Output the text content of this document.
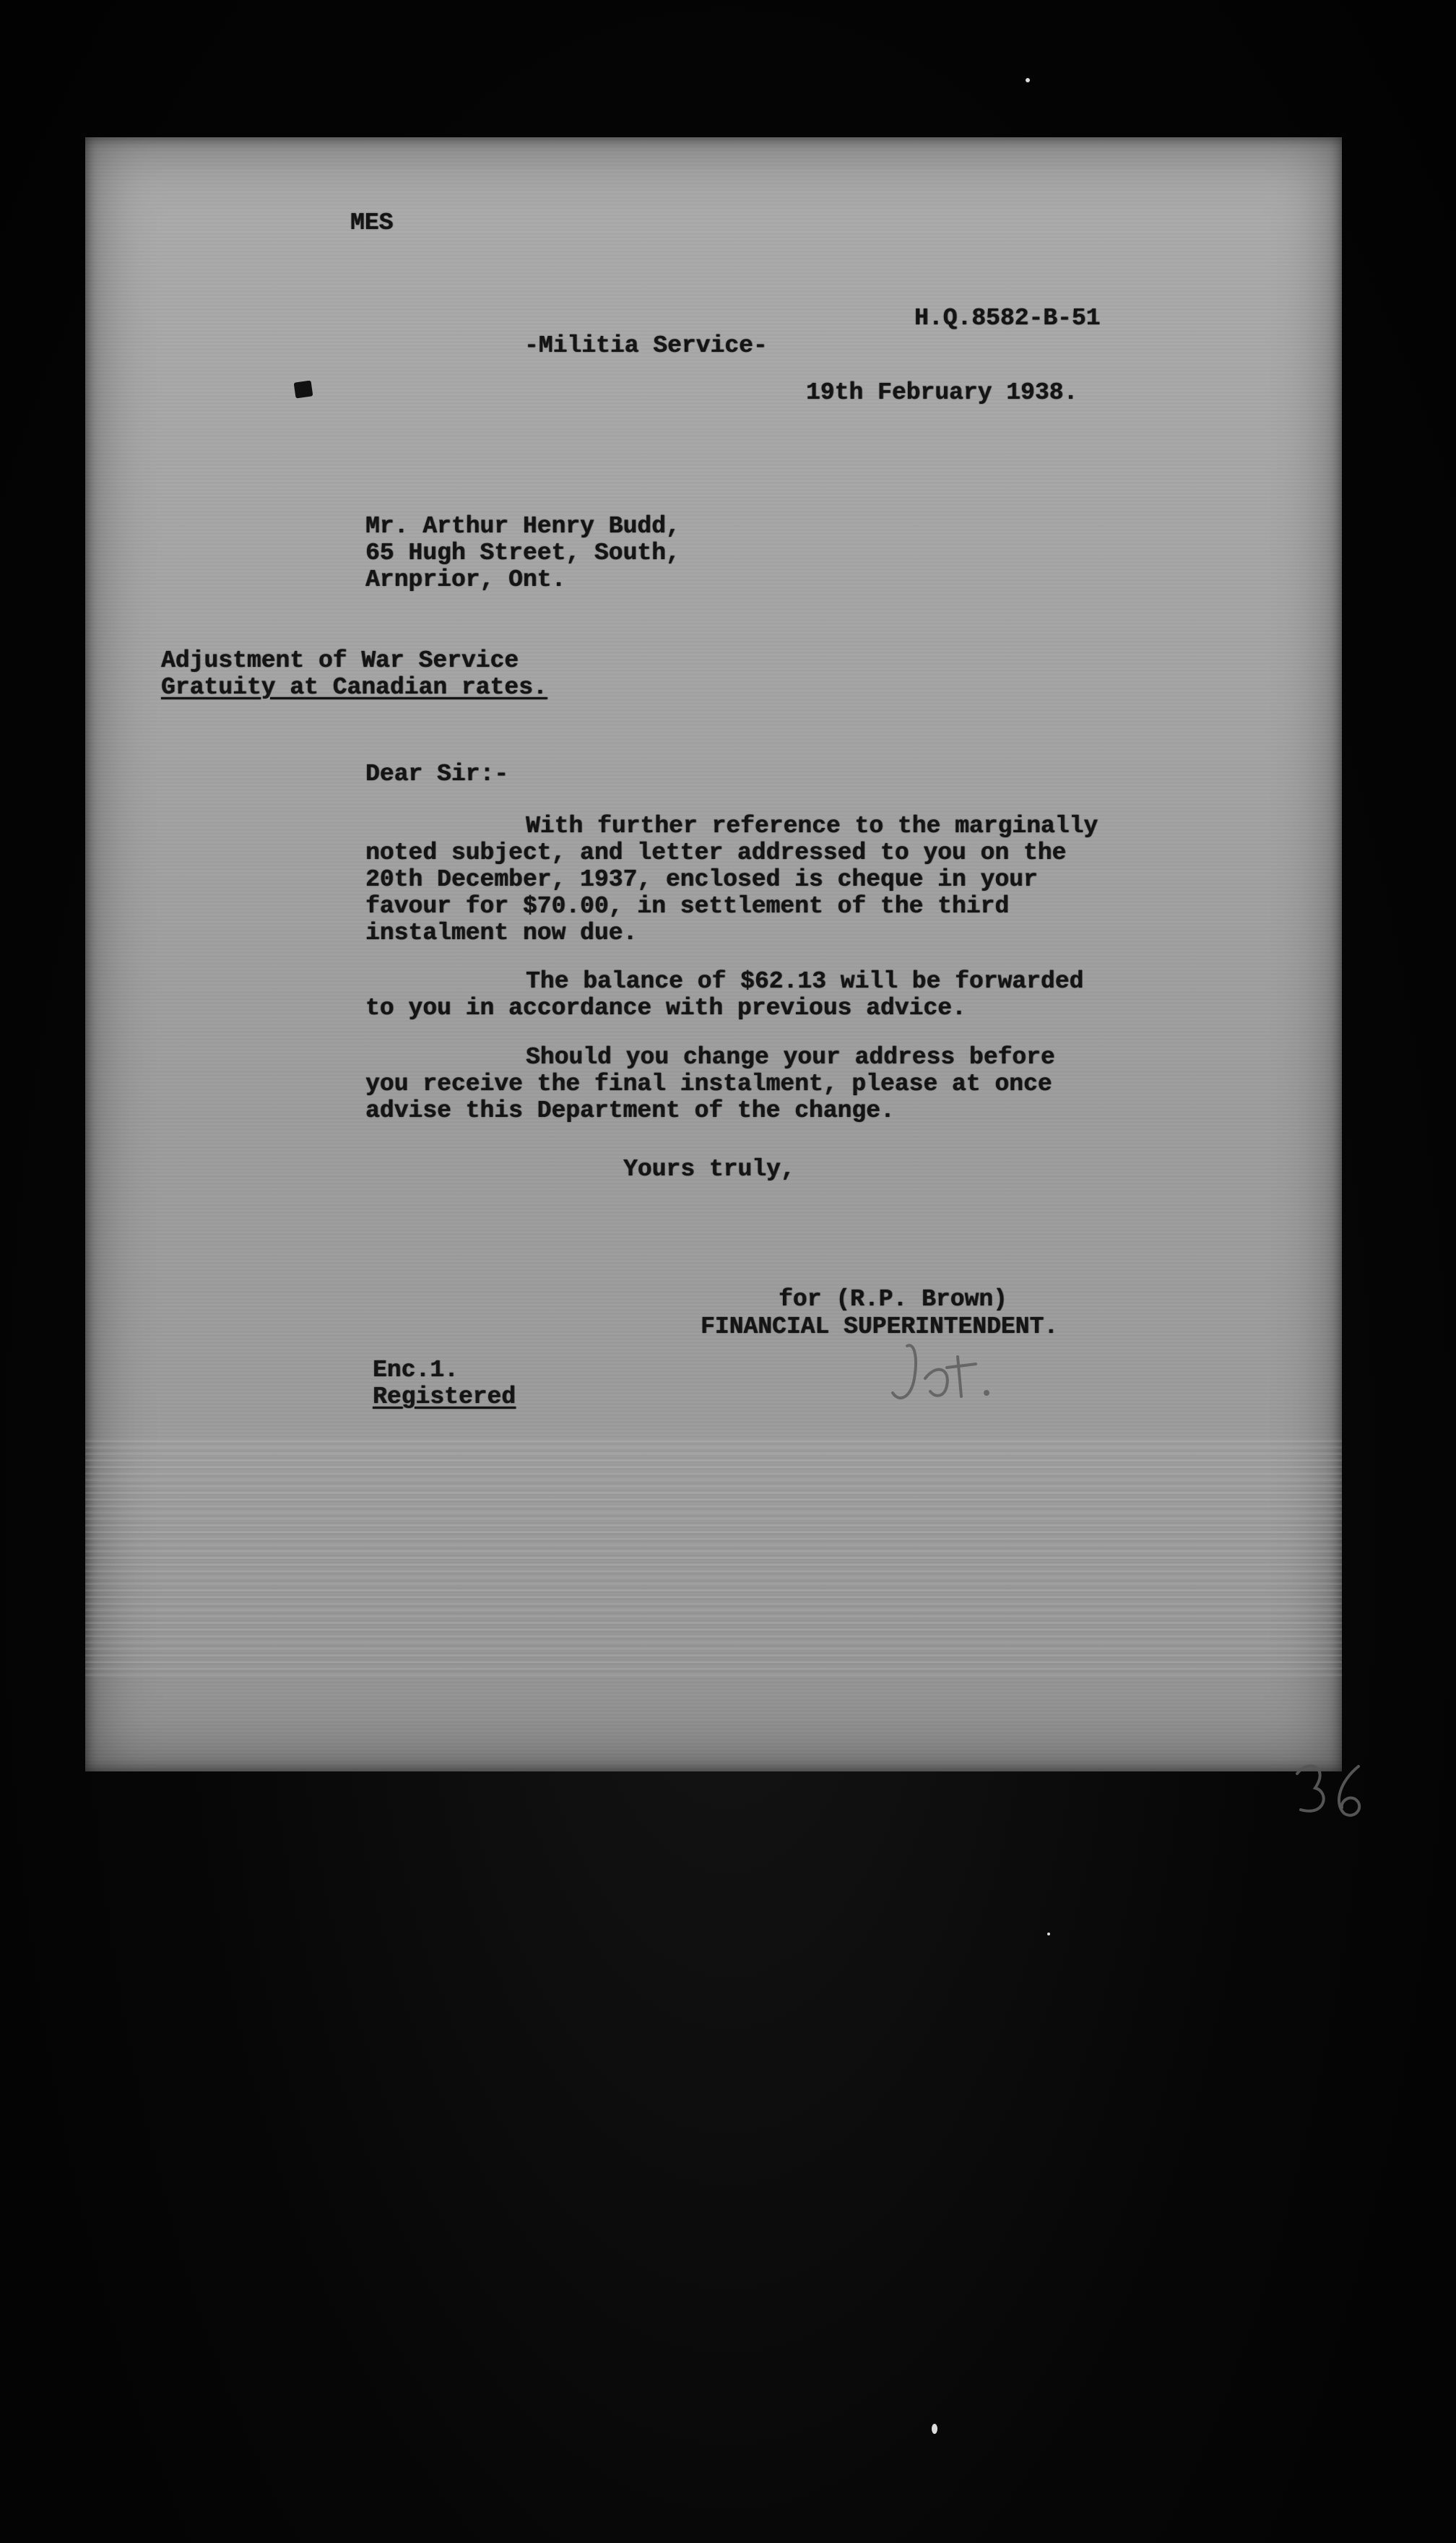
MES
H.Q.8582-B-51
-Militia Service-
19th February 1938.
Mr. Arthur Henry Budd,
65 Hugh Street, South,
Arnprior, Ont.
Adjustment of War Service
Gratuity at Canadian rates.
Dear Sir:-
With further reference to the marginally
noted subject, and letter addressed to you on the
20th December, 1937, enclosed is cheque in your
favour for $70.00, in settlement of the third
instalment now due.
The balance of $62.13 will be forwarded
to you in accordance with previous advice.
Should you change your address before
you receive the final instalment, please at once
advise this Department of the change.
Yours truly,
for (R.P. Brown)
FINANCIAL SUPERINTENDENT.
Enc.1.
Registered
